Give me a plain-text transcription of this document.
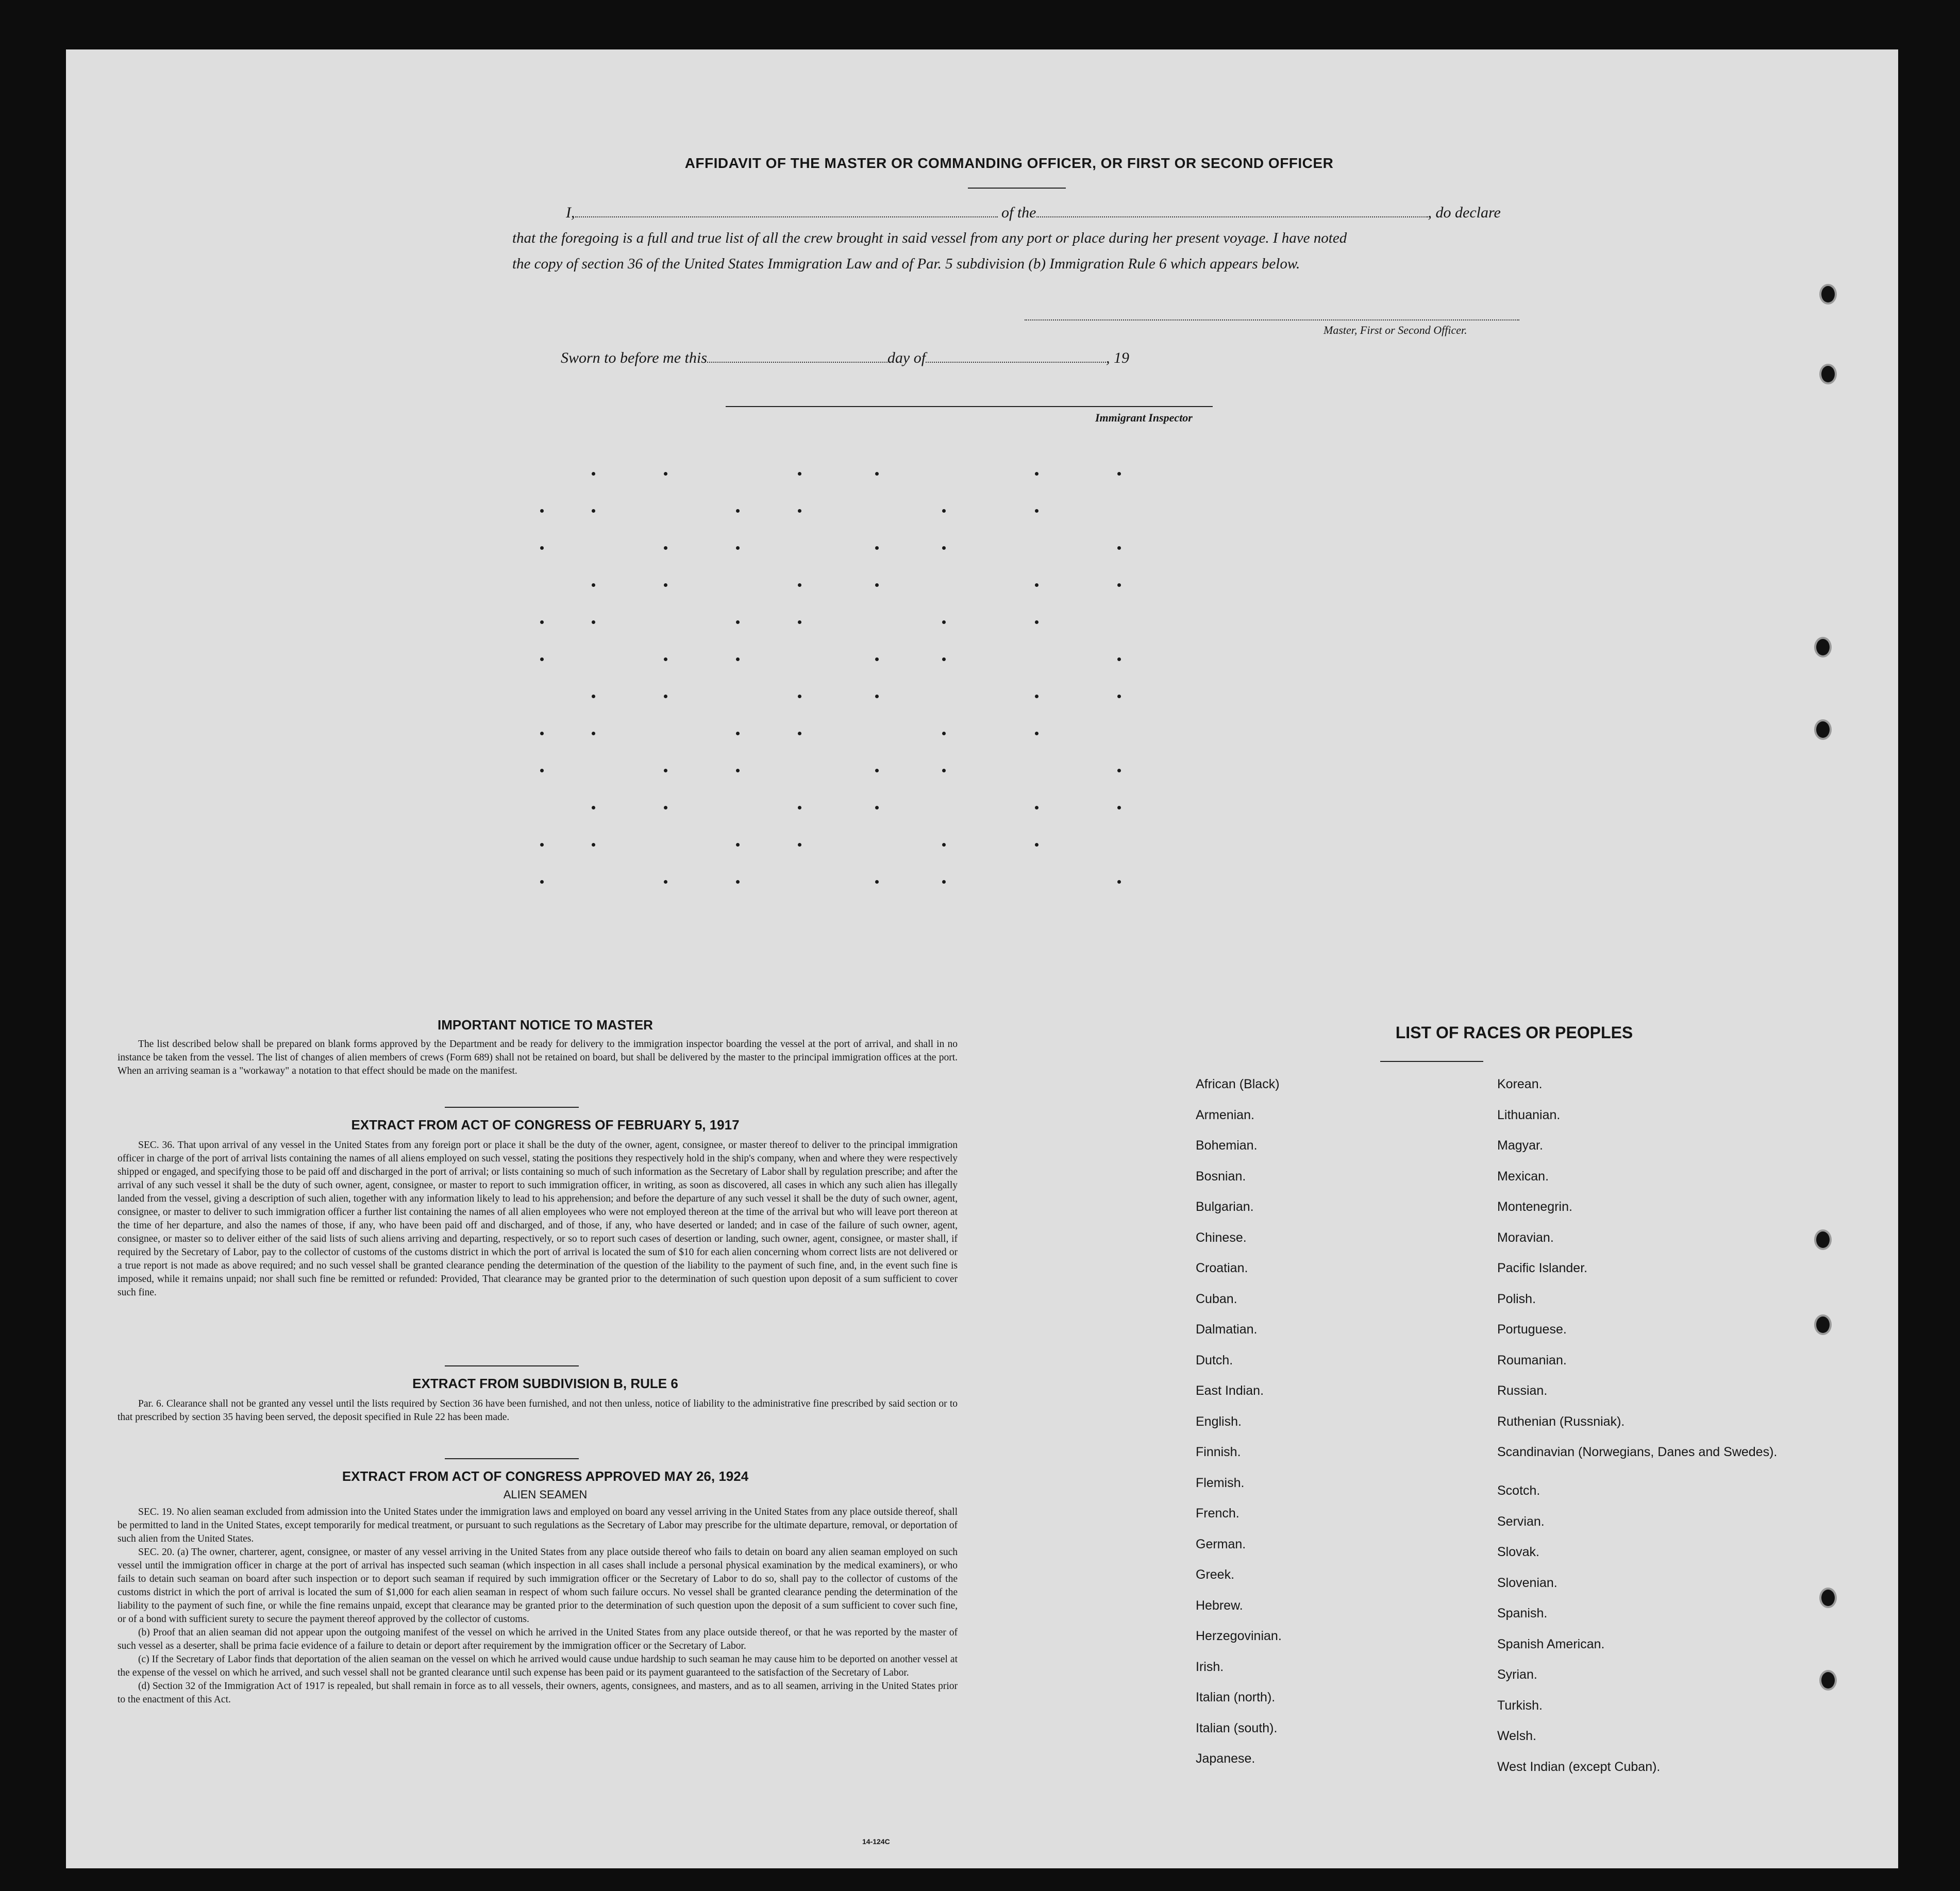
AFFIDAVIT OF THE MASTER OR COMMANDING OFFICER, OR FIRST OR SECOND OFFICER
I,	of the	, do declare
that the foregoing is a full and true list of all the crew brought in said vessel from any port or place during her present voyage. I have noted
the copy of section 36 of the United States Immigration Law and of Par. 5 subdivision (b) Immigration Rule 6 which appears below.
Master, First or Second Officer.
Sworn to before me this	day of	, 19
Immigrant Inspector
IMPORTANT NOTICE TO MASTER

The list described below shall be prepared on blank forms approved by the Department and be ready for delivery to the immigration inspector boarding the vessel at the port of arrival, and shall in no instance be taken from the vessel. The list of changes of alien members of crews (Form 689) shall not be retained on board, but shall be delivered by the master to the principal immigration offices at the port. When an arriving seaman is a "workaway" a notation to that effect should be made on the manifest.

EXTRACT FROM ACT OF CONGRESS OF FEBRUARY 5, 1917

SEC. 36. That upon arrival of any vessel in the United States from any foreign port or place it shall be the duty of the owner, agent, consignee, or master thereof to deliver to the principal immigration officer in charge of the port of arrival lists containing the names of all aliens employed on such vessel, stating the positions they respectively hold in the ship's company, when and where they were respectively shipped or engaged, and specifying those to be paid off and discharged in the port of arrival; or lists containing so much of such information as the Secretary of Labor shall by regulation prescribe; and after the arrival of any such vessel it shall be the duty of such owner, agent, consignee, or master to report to such immigration officer, in writing, as soon as discovered, all cases in which any such alien has illegally landed from the vessel, giving a description of such alien, together with any information likely to lead to his apprehension; and before the departure of any such vessel it shall be the duty of such owner, agent, consignee, or master to deliver to such immigration officer a further list containing the names of all alien employees who were not employed thereon at the time of the arrival but who will leave port thereon at the time of her departure, and also the names of those, if any, who have been paid off and discharged, and of those, if any, who have deserted or landed; and in case of the failure of such owner, agent, consignee, or master so to deliver either of the said lists of such aliens arriving and departing, respectively, or so to report such cases of desertion or landing, such owner, agent, consignee, or master shall, if required by the Secretary of Labor, pay to the collector of customs of the customs district in which the port of arrival is located the sum of $10 for each alien concerning whom correct lists are not delivered or a true report is not made as above required; and no such vessel shall be granted clearance pending the determination of the question of the liability to the payment of such fine, and, in the event such fine is imposed, while it remains unpaid; nor shall such fine be remitted or refunded: Provided, That clearance may be granted prior to the determination of such question upon deposit of a sum sufficient to cover such fine.

EXTRACT FROM SUBDIVISION B, RULE 6

Par. 6. Clearance shall not be granted any vessel until the lists required by Section 36 have been furnished, and not then unless, notice of liability to the administrative fine prescribed by said section or to that prescribed by section 35 having been served, the deposit specified in Rule 22 has been made.

EXTRACT FROM ACT OF CONGRESS APPROVED MAY 26, 1924
ALIEN SEAMEN

SEC. 19. No alien seaman excluded from admission into the United States under the immigration laws and employed on board any vessel arriving in the United States from any place outside thereof, shall be permitted to land in the United States, except temporarily for medical treatment, or pursuant to such regulations as the Secretary of Labor may prescribe for the ultimate departure, removal, or deportation of such alien from the United States.

SEC. 20. (a) The owner, charterer, agent, consignee, or master of any vessel arriving in the United States from any place outside thereof who fails to detain on board any alien seaman employed on such vessel until the immigration officer in charge at the port of arrival has inspected such seaman (which inspection in all cases shall include a personal physical examination by the medical examiners), or who fails to detain such seaman on board after such inspection or to deport such seaman if required by such immigration officer or the Secretary of Labor to do so, shall pay to the collector of customs of the customs district in which the port of arrival is located the sum of $1,000 for each alien seaman in respect of whom such failure occurs. No vessel shall be granted clearance pending the determination of the liability to the payment of such fine, or while the fine remains unpaid, except that clearance may be granted prior to the determination of such question upon the deposit of a sum sufficient to cover such fine, or of a bond with sufficient surety to secure the payment thereof approved by the collector of customs.

(b) Proof that an alien seaman did not appear upon the outgoing manifest of the vessel on which he arrived in the United States from any place outside thereof, or that he was reported by the master of such vessel as a deserter, shall be prima facie evidence of a failure to detain or deport after requirement by the immigration officer or the Secretary of Labor.

(c) If the Secretary of Labor finds that deportation of the alien seaman on the vessel on which he arrived would cause undue hardship to such seaman he may cause him to be deported on another vessel at the expense of the vessel on which he arrived, and such vessel shall not be granted clearance until such expense has been paid or its payment guaranteed to the satisfaction of the Secretary of Labor.

(d) Section 32 of the Immigration Act of 1917 is repealed, but shall remain in force as to all vessels, their owners, agents, consignees, and masters, and as to all seamen, arriving in the United States prior to the enactment of this Act.

14-124C
LIST OF RACES OR PEOPLES
African (Black)
Armenian.
Bohemian.
Bosnian.
Bulgarian.
Chinese.
Croatian.
Cuban.
Dalmatian.
Dutch.
East Indian.
English.
Finnish.
Flemish.
French.
German.
Greek.
Hebrew.
Herzegovinian.
Irish.
Italian (north).
Italian (south).
Japanese.
Korean.
Lithuanian.
Magyar.
Mexican.
Montenegrin.
Moravian.
Pacific Islander.
Polish.
Portuguese.
Roumanian.
Russian.
Ruthenian (Russniak).
Scandinavian (Norwegians, Danes and Swedes).
Scotch.
Servian.
Slovak.
Slovenian.
Spanish.
Spanish American.
Syrian.
Turkish.
Welsh.
West Indian (except Cuban).
